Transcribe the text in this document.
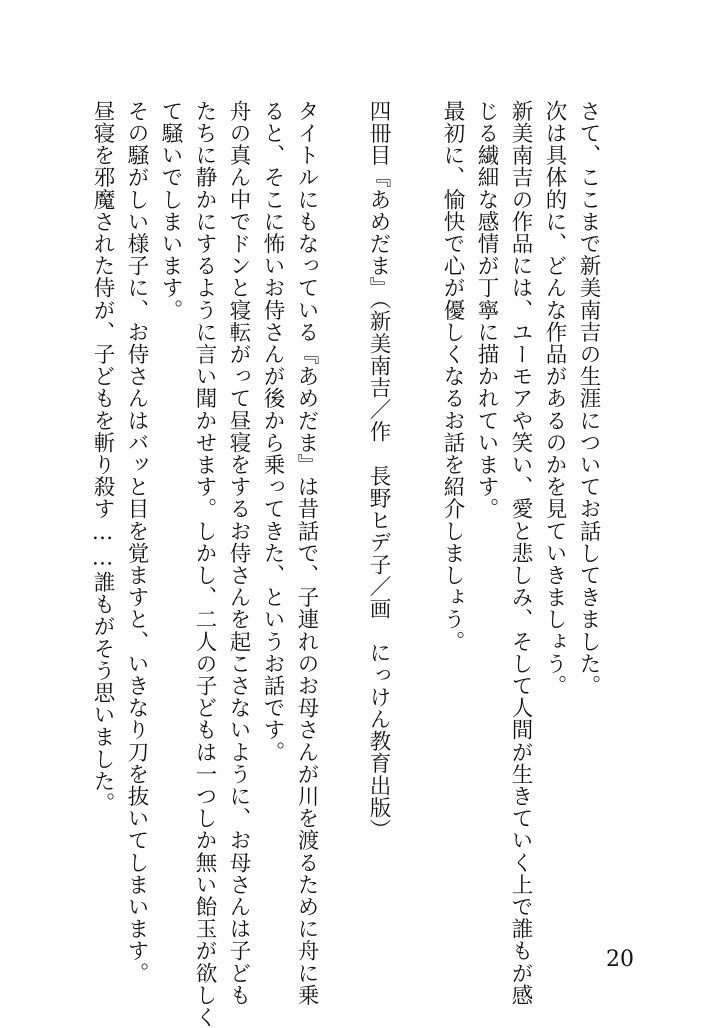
さて、ここまで新美南吉の生涯についてお話してきました。

次は具体的に、どんな作品があるのかを見ていきましょう。

新美南吉の作品には、ユーモアや笑い、愛と悲しみ、そして人間が生きていく上で誰もが感

じる繊細な感情が丁寧に描かれています。

最初に、愉快で心が優しくなるお話を紹介しましょう。

四冊目『あめだま』（新美南吉／作　長野ヒデ子／画　にっけん教育出版）

タイトルにもなっている『あめだま』は昔話で、子連れのお母さんが川を渡るために舟に乗

ると、そこに怖いお侍さんが後から乗ってきた、というお話です。

舟の真ん中でドンと寝転がって昼寝をするお侍さんを起こさないように、お母さんは子ども

たちに静かにするように言い聞かせます。しかし、二人の子どもは一つしか無い飴玉が欲しく

て騒いでしまいます。

その騒がしい様子に、お侍さんはバッと目を覚ますと、いきなり刀を抜いてしまいます。

昼寝を邪魔された侍が、子どもを斬り殺す……誰もがそう思いました。

20
